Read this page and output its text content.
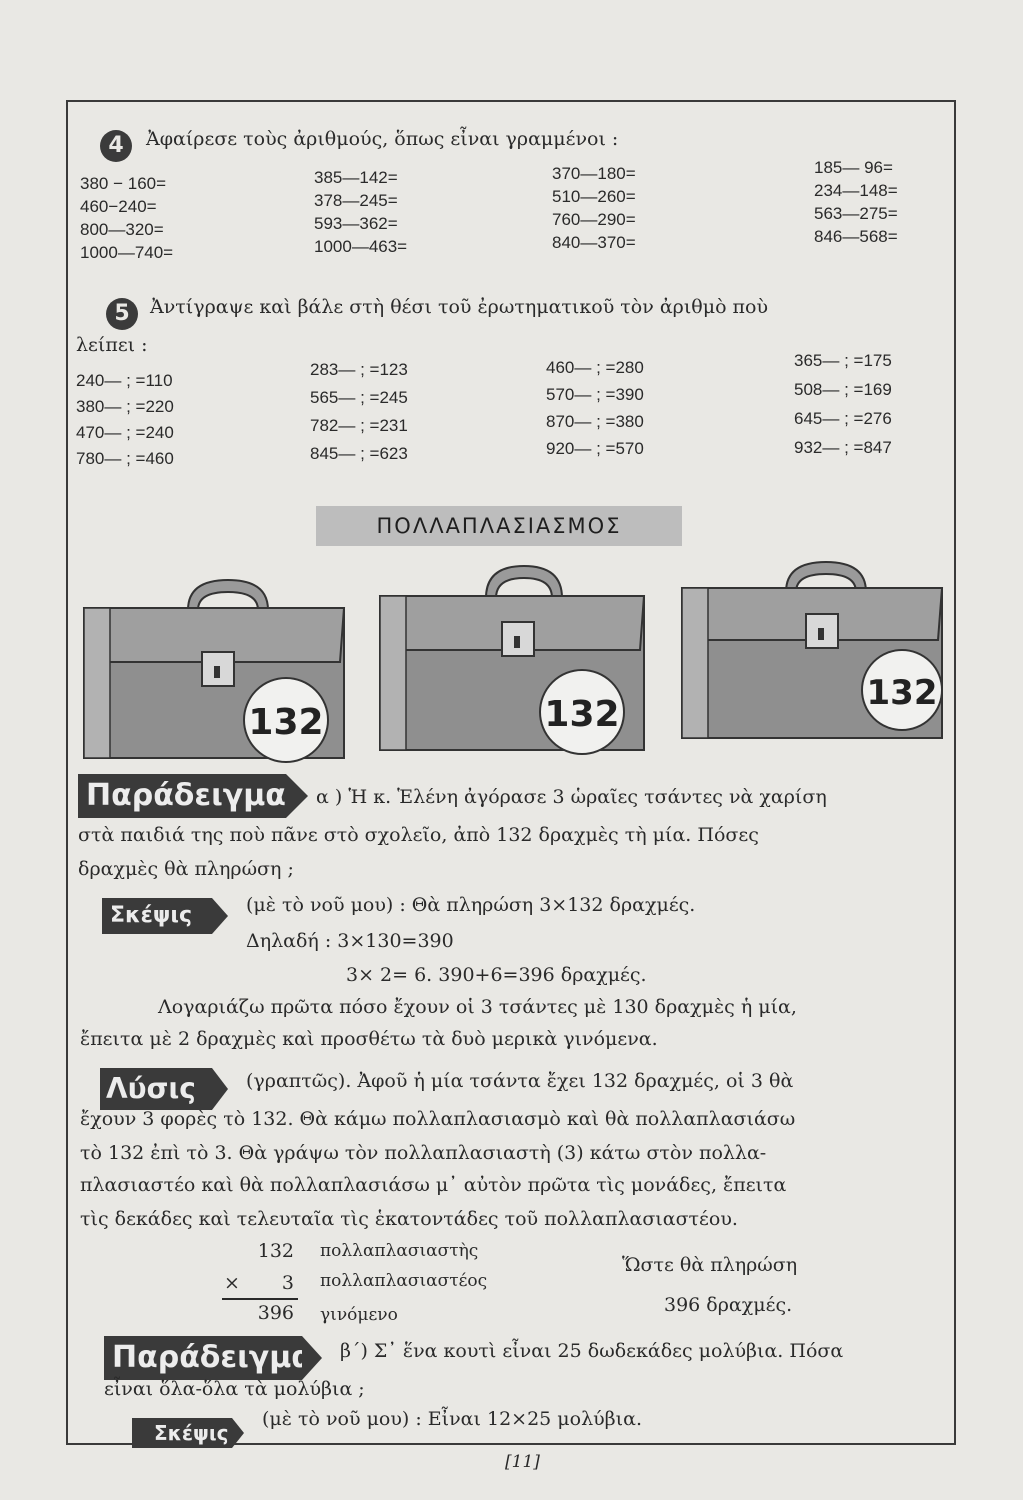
4	Ἀφαίρεσε τοὺς ἀριθμούς, ὅπως εἶναι γραμμένοι :
380 − 160=
460−240=
800—320=
1000—740=
385—142=
378—245=
593—362=
1000—463=
370—180=
510—260=
760—290=
840—370=
185— 96=
234—148=
563—275=
846—568=
5	Ἀντίγραψε καὶ βάλε στὴ θέσι τοῦ ἐρωτηματικοῦ τὸν ἀριθμὸ ποὺ
λείπει :
240— ; =110
380— ; =220
470— ; =240
780— ; =460
283— ; =123
565— ; =245
782— ; =231
845— ; =623
460— ; =280
570— ; =390
870— ; =380
920— ; =570
365— ; =175
508— ; =169
645— ; =276
932— ; =847
ΠΟΛΛΑΠΛΑΣΙΑΣΜΟΣ
132	132
132
Παράδειγμα α ) Ἡ κ. Ἑλένη ἀγόρασε 3 ὡραῖες τσάντες νὰ χαρίση
στὰ παιδιά της ποὺ πᾶνε στὸ σχολεῖο, ἀπὸ 132 δραχμὲς τὴ μία. Πόσες
δραχμὲς θὰ πληρώση ;
Σκέψις	(μὲ τὸ νοῦ μου) : Θὰ πληρώση 3×132 δραχμές.
Δηλαδή : 3×130=390
3× 2= 6. 390+6=396 δραχμές.
Λογαριάζω πρῶτα πόσο ἔχουν οἱ 3 τσάντες μὲ 130 δραχμὲς ἡ μία,
ἔπειτα μὲ 2 δραχμὲς καὶ προσθέτω τὰ δυὸ μερικὰ γινόμενα.
Λύσις	(γραπτῶς). Ἀφοῦ ἡ μία τσάντα ἔχει 132 δραχμές, οἱ 3 θὰ
ἔχουν 3 φορὲς τὸ 132. Θὰ κάμω πολλαπλασιασμὸ καὶ θὰ πολλαπλασιάσω
τὸ 132 ἐπὶ τὸ 3. Θὰ γράψω τὸν πολλαπλασιαστὴ (3) κάτω στὸν πολλα-
πλασιαστέο καὶ θὰ πολλαπλασιάσω μ᾽ αὐτὸν πρῶτα τὶς μονάδες, ἔπειτα
τὶς δεκάδες καὶ τελευταῖα τὶς ἑκατοντάδες τοῦ πολλαπλασιαστέου.
132 πολλαπλασιαστὴς
×	3 πολλαπλασιαστέος
396 γινόμενο
Ὥστε θὰ πληρώση
396 δραχμές.
Παράδειγμα β΄) Σ᾽ ἕνα κουτὶ εἶναι 25 δωδεκάδες μολύβια. Πόσα
εἶναι ὅλα-ὅλα τὰ μολύβια ;
Σκέψις
(μὲ τὸ νοῦ μου) : Εἶναι 12×25 μολύβια.
[11]
